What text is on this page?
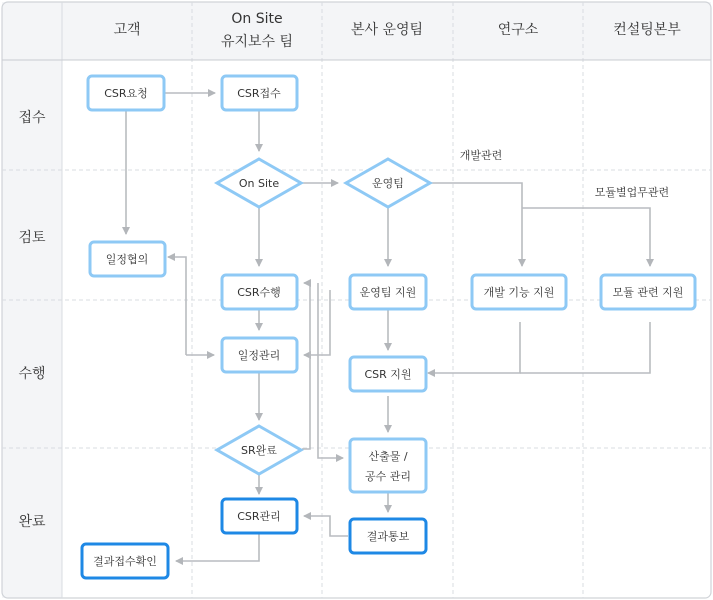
고객
On Site
유지보수 팀
본사 운영팀	연구소	컨설팅본부
접수
검토
수행
완료
개발관련
모듈별업무관련
CSR요청	CSR접수
On Site	운영팀
일정협의
CSR수행	운영팀 지원	개발 기능 지원	모듈 관련 지원
일정관리
CSR 지원
SR완료	산출물 /
공수 관리
CSR관리
결과통보
결과접수확인
